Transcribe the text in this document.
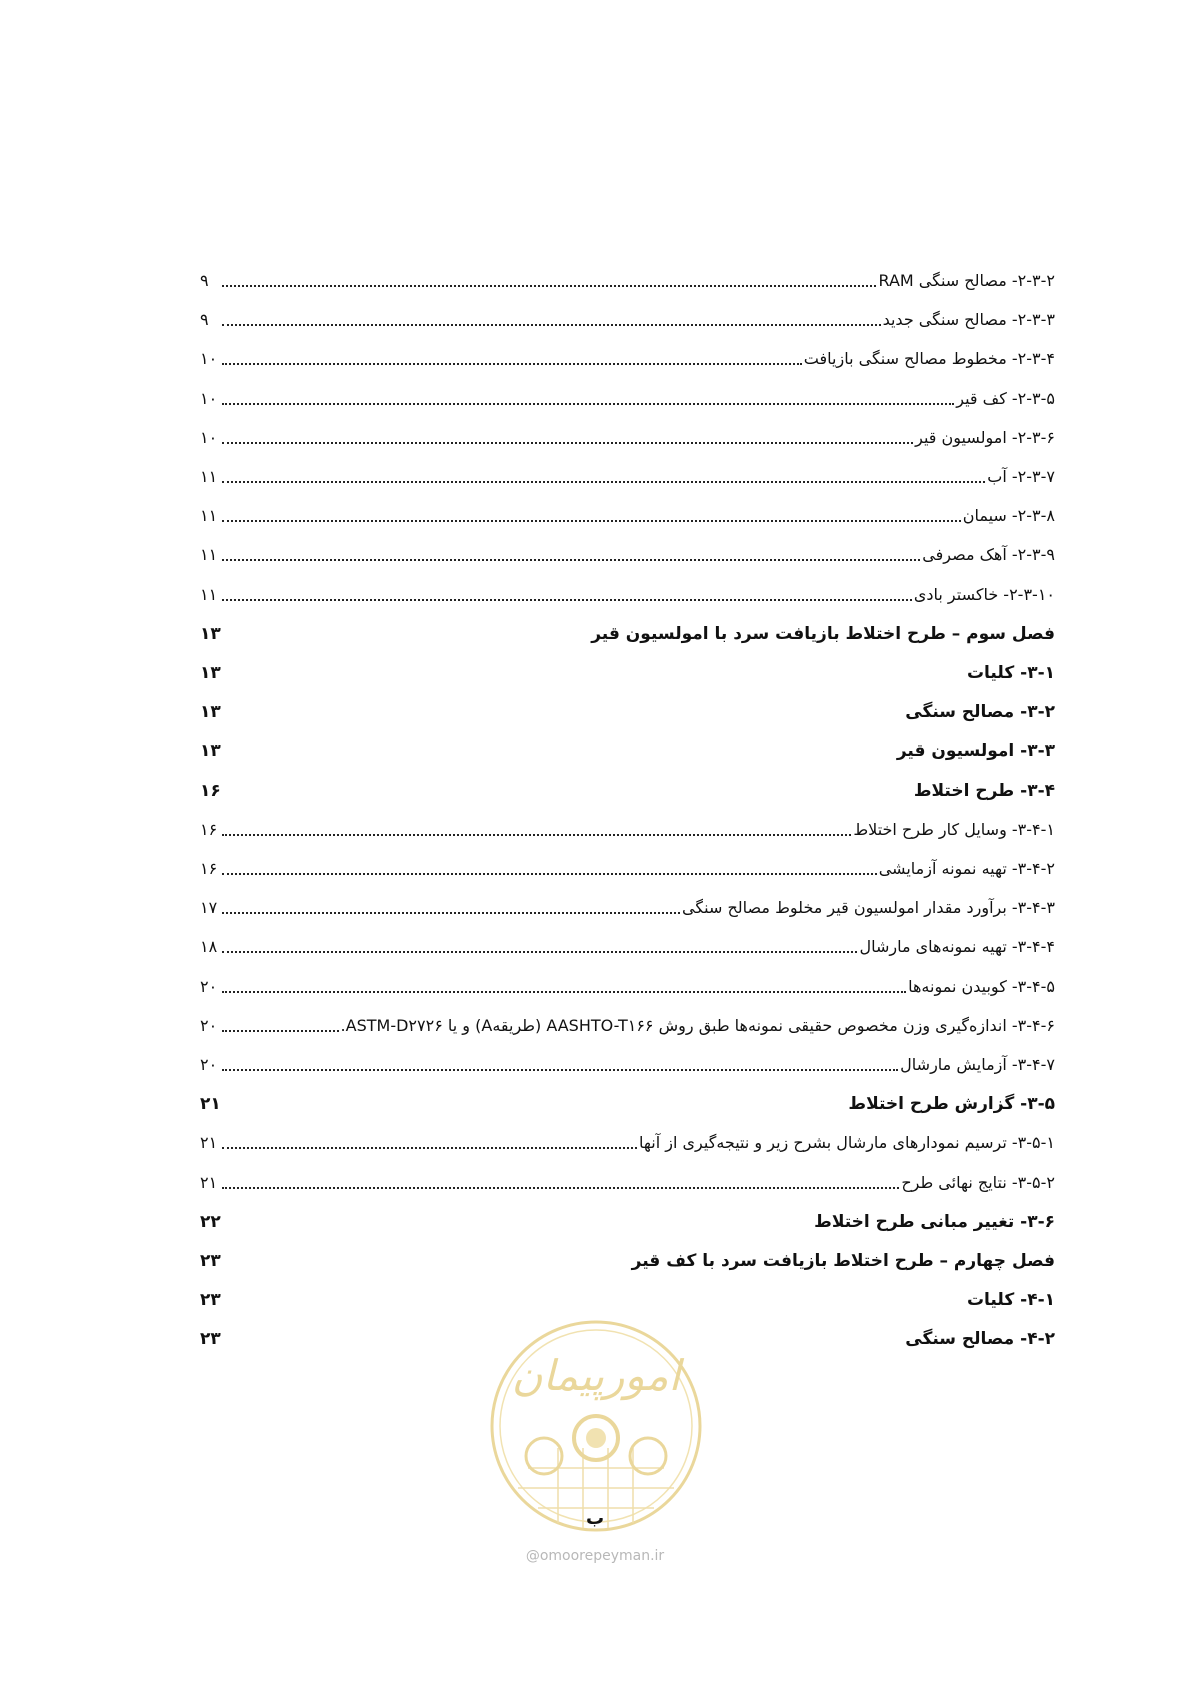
۲-۳-۲- مصالح سنگی RAM
۹
۲-۳-۳- مصالح سنگی جدید
۹
۲-۳-۴- مخطوط مصالح سنگی بازیافت
۱۰
۲-۳-۵- کف قیر
۱۰
۲-۳-۶- امولسیون قیر
۱۰
۲-۳-۷- آب
۱۱
۲-۳-۸- سیمان
۱۱
۲-۳-۹- آهک مصرفی
۱۱
۲-۳-۱۰- خاکستر بادی
۱۱
فصل سوم – طرح اختلاط بازیافت سرد با امولسیون قیر
۱۳
۳-۱- کلیات
۱۳
۳-۲- مصالح سنگی
۱۳
۳-۳- امولسیون قیر
۱۳
۳-۴- طرح اختلاط
۱۶
۳-۴-۱- وسایل کار طرح اختلاط
۱۶
۳-۴-۲- تهیه نمونه آزمایشی
۱۶
۳-۴-۳- برآورد مقدار امولسیون قیر مخلوط مصالح سنگی
۱۷
۳-۴-۴- تهیه نمونه‌های مارشال
۱۸
۳-۴-۵- کوبیدن نمونه‌ها
۲۰
۳-۴-۶- اندازه‌گیری وزن مخصوص حقیقی نمونه‌ها طبق روش AASHTO-T۱۶۶ (طریقهA) و یا ASTM-D۲۷۲۶.
۲۰
۳-۴-۷- آزمایش مارشال
۲۰
۳-۵- گزارش طرح اختلاط
۲۱
۳-۵-۱- ترسیم نمودارهای مارشال بشرح زیر و نتیجه‌گیری از آنها
۲۱
۳-۵-۲- نتایج نهائی طرح
۲۱
۳-۶- تغییر مبانی طرح اختلاط
۲۲
فصل چهارم – طرح اختلاط بازیافت سرد با کف قیر
۲۳
۴-۱- کلیات
۲۳
۴-۲- مصالح سنگی
۲۳
امورپیمان
ب
@omoorepeyman.ir
